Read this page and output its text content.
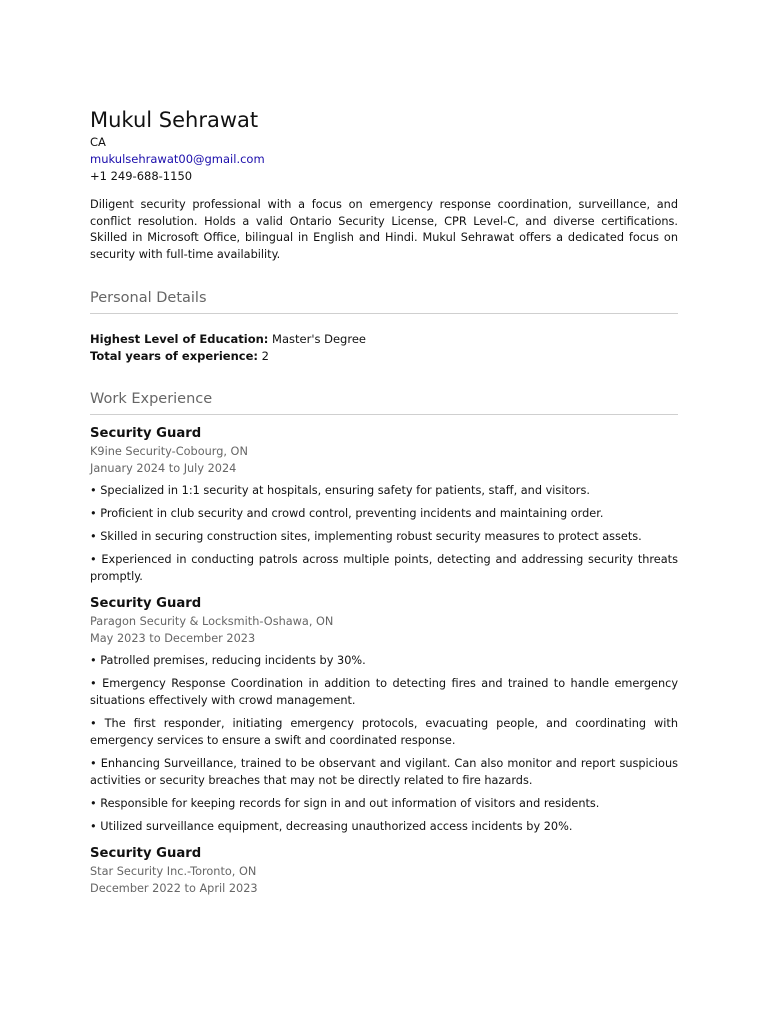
Mukul Sehrawat
CA
mukulsehrawat00@gmail.com
+1 249-688-1150
Diligent security professional with a focus on emergency response coordination, surveillance, and conflict resolution. Holds a valid Ontario Security License, CPR Level-C, and diverse certifications. Skilled in Microsoft Office, bilingual in English and Hindi. Mukul Sehrawat offers a dedicated focus on security with full-time availability.
Personal Details
Highest Level of Education: Master's Degree
Total years of experience: 2
Work Experience
Security Guard
K9ine Security-Cobourg, ON
January 2024 to July 2024
• Specialized in 1:1 security at hospitals, ensuring safety for patients, staff, and visitors.
• Proficient in club security and crowd control, preventing incidents and maintaining order.
• Skilled in securing construction sites, implementing robust security measures to protect assets.
• Experienced in conducting patrols across multiple points, detecting and addressing security threats promptly.
Security Guard
Paragon Security & Locksmith-Oshawa, ON
May 2023 to December 2023
• Patrolled premises, reducing incidents by 30%.
• Emergency Response Coordination in addition to detecting fires and trained to handle emergency situations effectively with crowd management.
• The first responder, initiating emergency protocols, evacuating people, and coordinating with emergency services to ensure a swift and coordinated response.
• Enhancing Surveillance, trained to be observant and vigilant. Can also monitor and report suspicious activities or security breaches that may not be directly related to fire hazards.
• Responsible for keeping records for sign in and out information of visitors and residents.
• Utilized surveillance equipment, decreasing unauthorized access incidents by 20%.
Security Guard
Star Security Inc.-Toronto, ON
December 2022 to April 2023
